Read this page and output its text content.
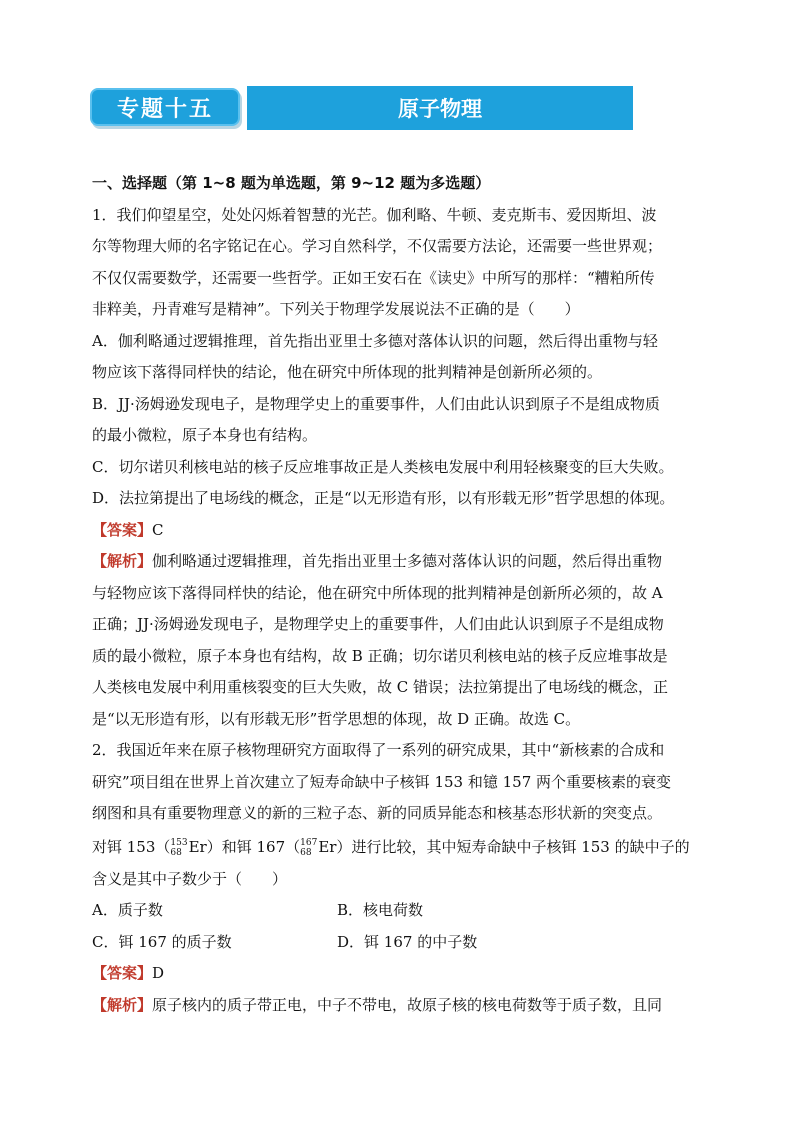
专题十五	原子物理
一、选择题（第 1~8 题为单选题，第 9~12 题为多选题）
1．我们仰望星空，处处闪烁着智慧的光芒。伽利略、牛顿、麦克斯韦、爱因斯坦、波
尔等物理大师的名字铭记在心。学习自然科学，不仅需要方法论，还需要一些世界观；
不仅仅需要数学，还需要一些哲学。正如王安石在《读史》中所写的那样：“糟粕所传
非粹美，丹青难写是精神”。下列关于物理学发展说法不正确的是（　　）
A．伽利略通过逻辑推理，首先指出亚里士多德对落体认识的问题，然后得出重物与轻
物应该下落得同样快的结论，他在研究中所体现的批判精神是创新所必须的。
B．JJ·汤姆逊发现电子，是物理学史上的重要事件，人们由此认识到原子不是组成物质
的最小微粒，原子本身也有结构。
C．切尔诺贝利核电站的核子反应堆事故正是人类核电发展中利用轻核聚变的巨大失败。
D．法拉第提出了电场线的概念，正是“以无形造有形，以有形载无形”哲学思想的体现。
【答案】C
【解析】伽利略通过逻辑推理，首先指出亚里士多德对落体认识的问题，然后得出重物
与轻物应该下落得同样快的结论，他在研究中所体现的批判精神是创新所必须的，故 A
正确；JJ·汤姆逊发现电子，是物理学史上的重要事件，人们由此认识到原子不是组成物
质的最小微粒，原子本身也有结构，故 B 正确；切尔诺贝利核电站的核子反应堆事故是
人类核电发展中利用重核裂变的巨大失败，故 C 错误；法拉第提出了电场线的概念，正
是“以无形造有形，以有形载无形”哲学思想的体现，故 D 正确。故选 C。
2．我国近年来在原子核物理研究方面取得了一系列的研究成果，其中“新核素的合成和
研究”项目组在世界上首次建立了短寿命缺中子核铒 153 和镱 157 两个重要核素的衰变
纲图和具有重要物理意义的新的三粒子态、新的同质异能态和核基态形状新的突变点。
对铒 153（ 153
68 Er）和铒 167（ 167
68 Er）进行比较，其中短寿命缺中子核铒 153 的缺中子的
含义是其中子数少于（　　）
A．质子数	B．核电荷数
C．铒 167 的质子数	D．铒 167 的中子数
【答案】D
【解析】原子核内的质子带正电，中子不带电，故原子核的核电荷数等于质子数，且同
